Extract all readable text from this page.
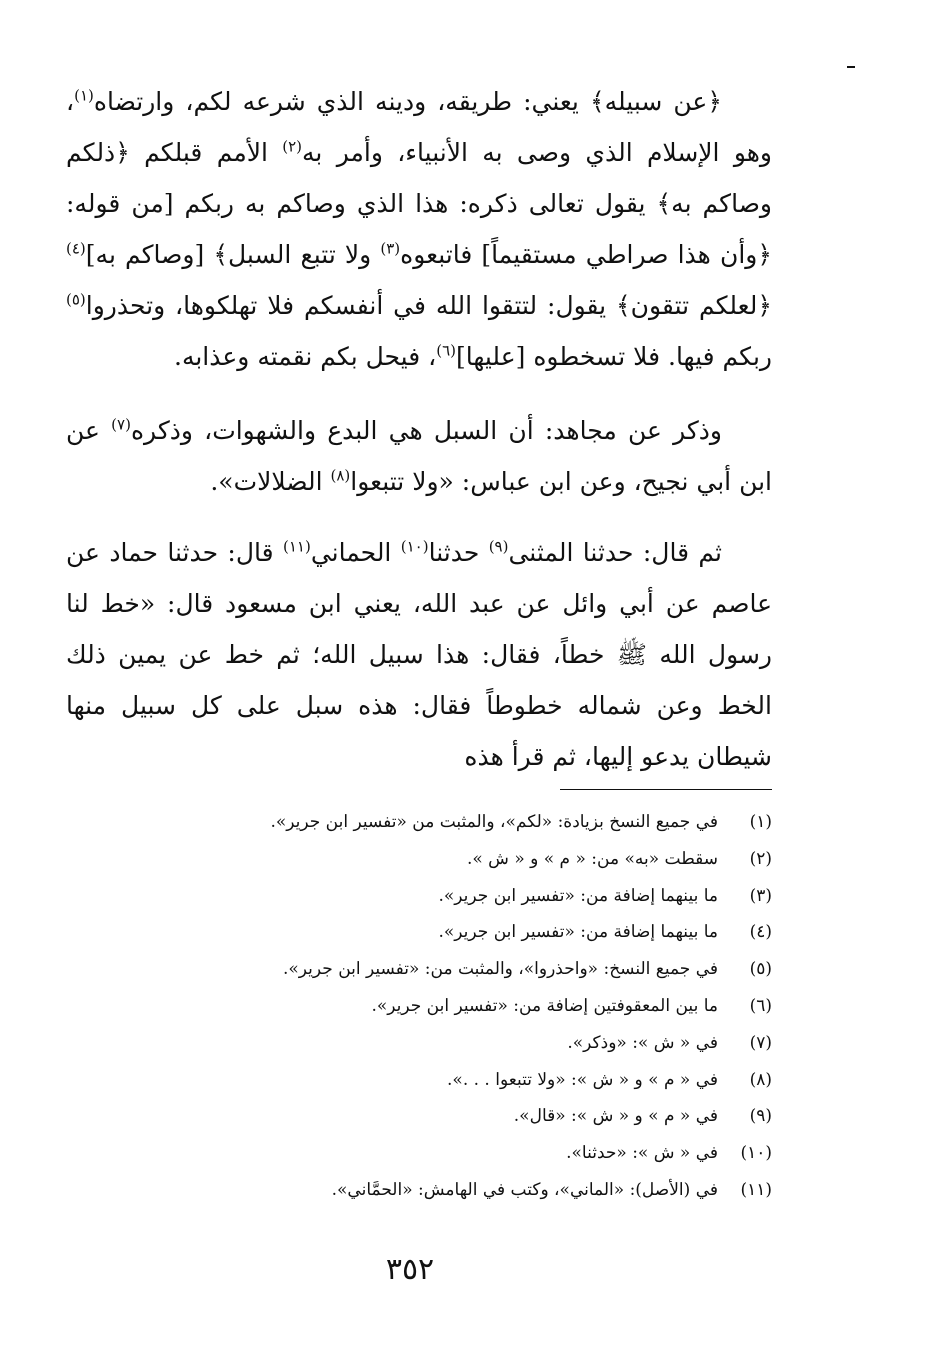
﴿عن سبيله﴾ يعني: طريقه، ودينه الذي شرعه لكم، وارتضاه$^{(١)}$، وهو الإسلام الذي وصى به الأنبياء، وأمر به$^{(٢)}$ الأمم قبلكم ﴿ذلكم وصاكم به﴾ يقول تعالى ذكره: هذا الذي وصاكم به ربكم [من قوله: ﴿وأن هذا صراطي مستقيماً] فاتبعوه$^{(٣)}$ ولا تتبع السبل﴾ [وصاكم به]$^{(٤)}$ ﴿لعلكم تتقون﴾ يقول: لتتقوا الله في أنفسكم فلا تهلكوها، وتحذروا$^{(٥)}$ ربكم فيها. فلا تسخطوه [عليها]$^{(٦)}$، فيحل بكم نقمته وعذابه.

وذكر عن مجاهد: أن السبل هي البدع والشهوات، وذكره$^{(٧)}$ عن ابن أبي نجيح، وعن ابن عباس: «ولا تتبعوا$^{(٨)}$ الضلالات».

ثم قال: حدثنا المثنى$^{(٩)}$ حدثنا$^{(١٠)}$ الحماني$^{(١١)}$ قال: حدثنا حماد عن عاصم عن أبي وائل عن عبد الله، يعني ابن مسعود قال: «خط لنا رسول الله ﷺ خطاً، فقال: هذا سبيل الله؛ ثم خط عن يمين ذلك الخط وعن شماله خطوطاً فقال: هذه سبل على كل سبيل منها شيطان يدعو إليها، ثم قرأ هذه

(١)
في جميع النسخ بزيادة: «لكم»، والمثبت من «تفسير ابن جرير».
(٢)
سقطت «به» من: « م » و « ش ».
(٣)
ما بينهما إضافة من: «تفسير ابن جرير».
(٤)
ما بينهما إضافة من: «تفسير ابن جرير».
(٥)
في جميع النسخ: «واحذروا»، والمثبت من: «تفسير ابن جرير».
(٦)
ما بين المعقوفتين إضافة من: «تفسير ابن جرير».
(٧)
في « ش »: «وذكر».
(٨)
في « م » و « ش »: «ولا تتبعوا . . .».
(٩)
في « م » و « ش »: «قال».
(١٠)
في « ش »: «حدثنا».
(١١)
في (الأصل): «الماني»، وكتب في الهامش: «الحمَّاني».
٣٥٢
